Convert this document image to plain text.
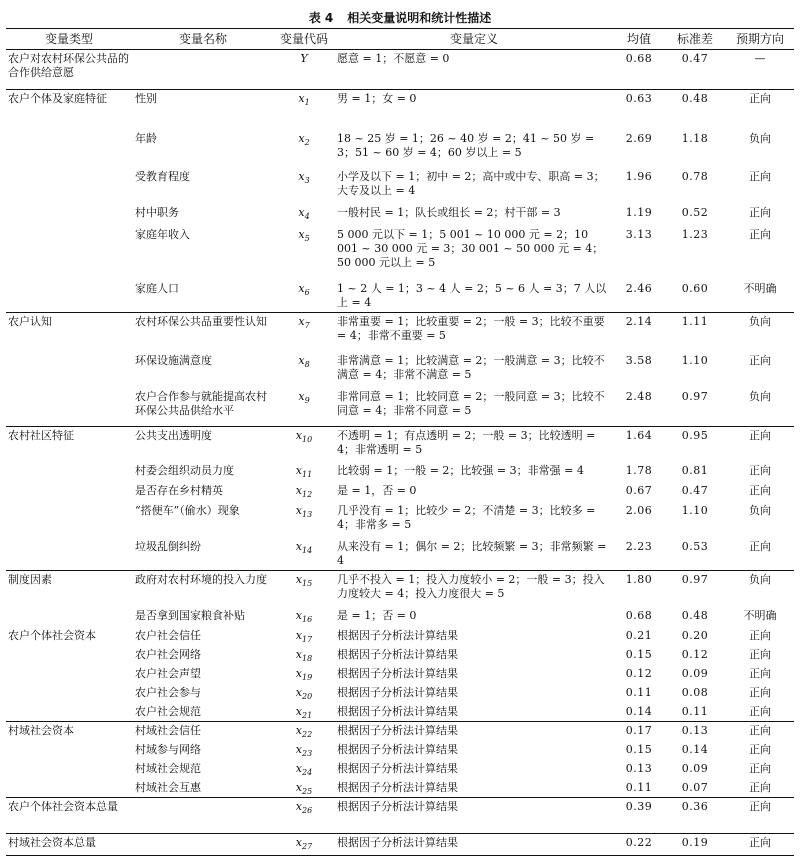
表 4 相关变量说明和统计性描述
变量类型	变量名称	变量代码	变量定义	均值	标准差	预期方向
农户对农村环保公共品的合作供给意愿		Y	愿意 = 1；不愿意 = 0	0.68	0.47	—
农户个体及家庭特征	性别	$x_1$	男 = 1；女 = 0	0.63	0.48	正向
	年龄	$x_2$	18 ~ 25 岁 = 1；26 ~ 40 岁 = 2；41 ~ 50 岁 = 3；51 ~ 60 岁 = 4；60 岁以上 = 5	2.69	1.18	负向
	受教育程度	$x_3$	小学及以下 = 1；初中 = 2；高中或中专、职高 = 3；大专及以上 = 4	1.96	0.78	正向
	村中职务	$x_4$	一般村民 = 1；队长或组长 = 2；村干部 = 3	1.19	0.52	正向
	家庭年收入	$x_5$	5 000 元以下 = 1；5 001 ~ 10 000 元 = 2；10 001 ~ 30 000 元 = 3；30 001 ~ 50 000 元 = 4；50 000 元以上 = 5	3.13	1.23	正向
	家庭人口	$x_6$	1 ~ 2 人 = 1；3 ~ 4 人 = 2；5 ~ 6 人 = 3；7 人以上 = 4	2.46	0.60	不明确
农户认知	农村环保公共品重要性认知	$x_7$	非常重要 = 1；比较重要 = 2；一般 = 3；比较不重要 = 4；非常不重要 = 5	2.14	1.11	负向
	环保设施满意度	$x_8$	非常满意 = 1；比较满意 = 2；一般满意 = 3；比较不满意 = 4；非常不满意 = 5	3.58	1.10	正向
	农户合作参与就能提高农村环保公共品供给水平	$x_9$	非常同意 = 1；比较同意 = 2；一般同意 = 3；比较不同意 = 4；非常不同意 = 5	2.48	0.97	负向
农村社区特征	公共支出透明度	$x_{10}$	不透明 = 1；有点透明 = 2；一般 = 3；比较透明 = 4；非常透明 = 5	1.64	0.95	正向
	村委会组织动员力度	$x_{11}$	比较弱 = 1；一般 = 2；比较强 = 3；非常强 = 4	1.78	0.81	正向
	是否存在乡村精英	$x_{12}$	是 = 1，否 = 0	0.67	0.47	正向
	“搭便车”（偷水）现象	$x_{13}$	几乎没有 = 1；比较少 = 2；不清楚 = 3；比较多 = 4；非常多 = 5	2.06	1.10	负向
	垃圾乱倒纠纷	$x_{14}$	从来没有 = 1；偶尔 = 2；比较频繁 = 3；非常频繁 = 4	2.23	0.53	正向
制度因素	政府对农村环境的投入力度	$x_{15}$	几乎不投入 = 1；投入力度较小 = 2；一般 = 3；投入力度较大 = 4；投入力度很大 = 5	1.80	0.97	负向
	是否拿到国家粮食补贴	$x_{16}$	是 = 1；否 = 0	0.68	0.48	不明确
农户个体社会资本	农户社会信任	$x_{17}$	根据因子分析法计算结果	0.21	0.20	正向
	农户社会网络	$x_{18}$	根据因子分析法计算结果	0.15	0.12	正向
	农户社会声望	$x_{19}$	根据因子分析法计算结果	0.12	0.09	正向
	农户社会参与	$x_{20}$	根据因子分析法计算结果	0.11	0.08	正向
	农户社会规范	$x_{21}$	根据因子分析法计算结果	0.14	0.11	正向
村域社会资本	村域社会信任	$x_{22}$	根据因子分析法计算结果	0.17	0.13	正向
	村域参与网络	$x_{23}$	根据因子分析法计算结果	0.15	0.14	正向
	村域社会规范	$x_{24}$	根据因子分析法计算结果	0.13	0.09	正向
	村域社会互惠	$x_{25}$	根据因子分析法计算结果	0.11	0.07	正向
农户个体社会资本总量		$x_{26}$	根据因子分析法计算结果	0.39	0.36	正向
村域社会资本总量		$x_{27}$	根据因子分析法计算结果	0.22	0.19	正向
